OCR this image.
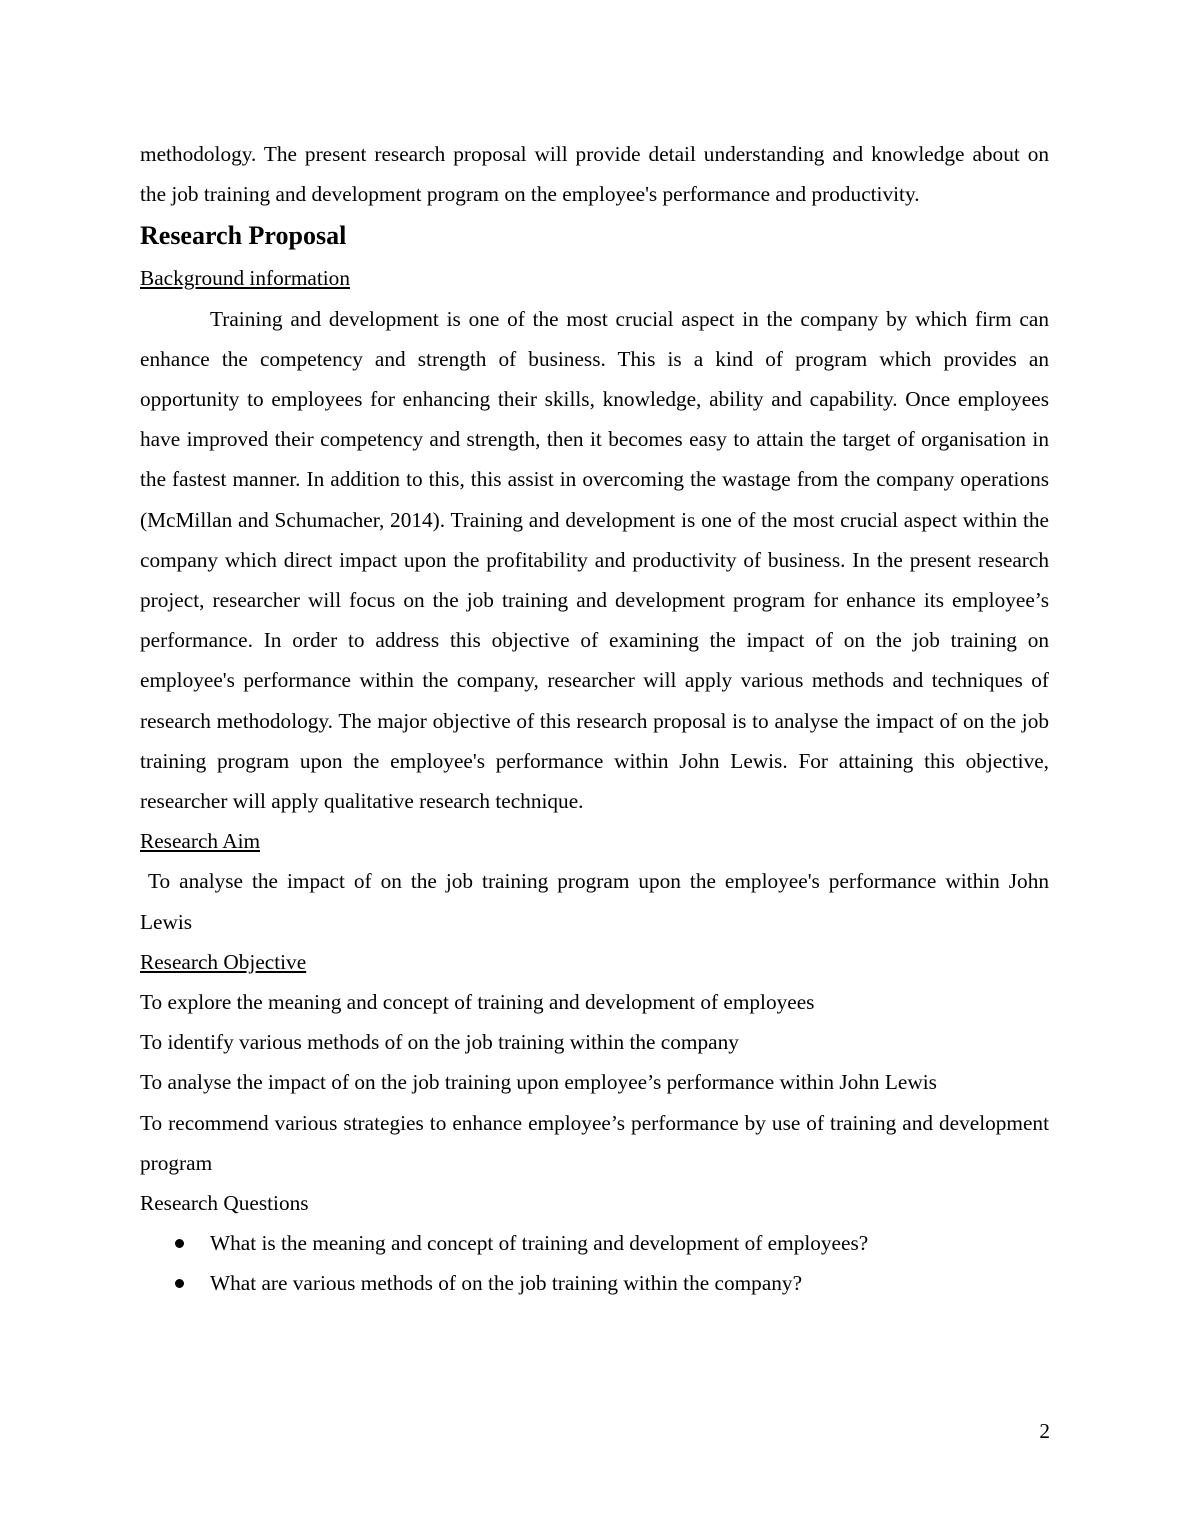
methodology. The present research proposal will provide detail understanding and knowledge about on the job training and development program on the employee's performance and productivity.

Research Proposal

Background information

Training and development is one of the most crucial aspect in the company by which firm can enhance the competency and strength of business. This is a kind of program which provides an opportunity to employees for enhancing their skills, knowledge, ability and capability. Once employees have improved their competency and strength, then it becomes easy to attain the target of organisation in the fastest manner. In addition to this, this assist in overcoming the wastage from the company operations (McMillan and Schumacher, 2014). Training and development is one of the most crucial aspect within the company which direct impact upon the profitability and productivity of business. In the present research project, researcher will focus on the job training and development program for enhance its employee’s performance. In order to address this objective of examining the impact of on the job training on employee's performance within the company, researcher will apply various methods and techniques of research methodology. The major objective of this research proposal is to analyse the impact of on the job training program upon the employee's performance within John Lewis. For attaining this objective, researcher will apply qualitative research technique.

Research Aim

To analyse the impact of on the job training program upon the employee's performance within John Lewis

Research Objective

To explore the meaning and concept of training and development of employees

To identify various methods of on the job training within the company

To analyse the impact of on the job training upon employee’s performance within John Lewis

To recommend various strategies to enhance employee’s performance by use of training and development program

Research Questions

What is the meaning and concept of training and development of employees?
What are various methods of on the job training within the company?
2
